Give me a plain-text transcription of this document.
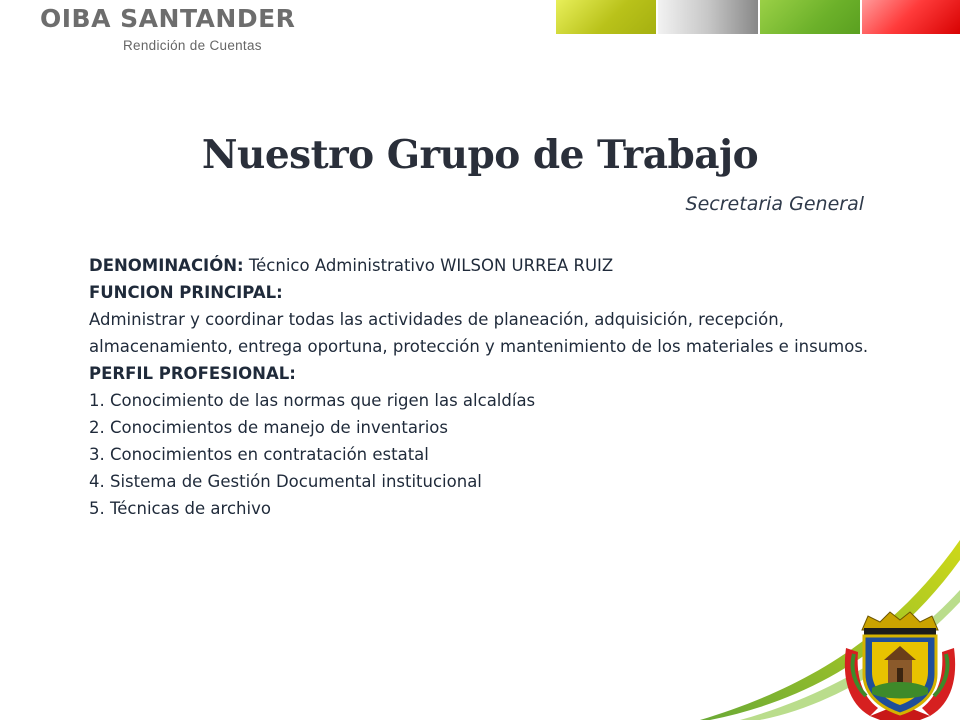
OIBA SANTANDER
Rendición de Cuentas
Nuestro Grupo de Trabajo
Secretaria General

DENOMINACIÓN: Técnico Administrativo WILSON URREA RUIZ

FUNCION PRINCIPAL:

Administrar y coordinar todas las actividades de planeación, adquisición, recepción, almacenamiento, entrega oportuna, protección y mantenimiento de los materiales e insumos.

PERFIL PROFESIONAL:

1. Conocimiento de las normas que rigen las alcaldías

2. Conocimientos de manejo de inventarios

3. Conocimientos en contratación estatal

4. Sistema de Gestión Documental institucional

5. Técnicas de archivo
